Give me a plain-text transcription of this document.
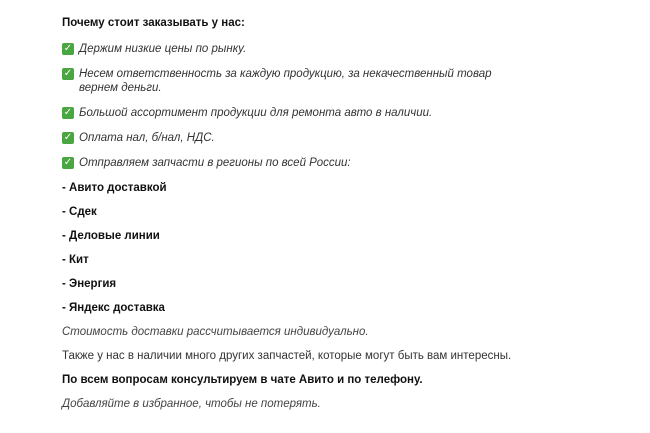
Почему стоит заказывать у нас:

✓ Держим низкие цены по рынку.
✓ Несем ответственность за каждую продукцию, за некачественный товар вернем деньги.
✓ Большой ассортимент продукции для ремонта авто в наличии.
✓ Оплата нал, б/нал, НДС.
✓ Отправляем запчасти в регионы по всей России:

- Авито доставкой

- Сдек

- Деловые линии

- Кит

- Энергия

- Яндекс доставка

Стоимость доставки рассчитывается индивидуально.

Также у нас в наличии много других запчастей, которые могут быть вам интересны.

По всем вопросам консультируем в чате Авито и по телефону.

Добавляйте в избранное, чтобы не потерять.
